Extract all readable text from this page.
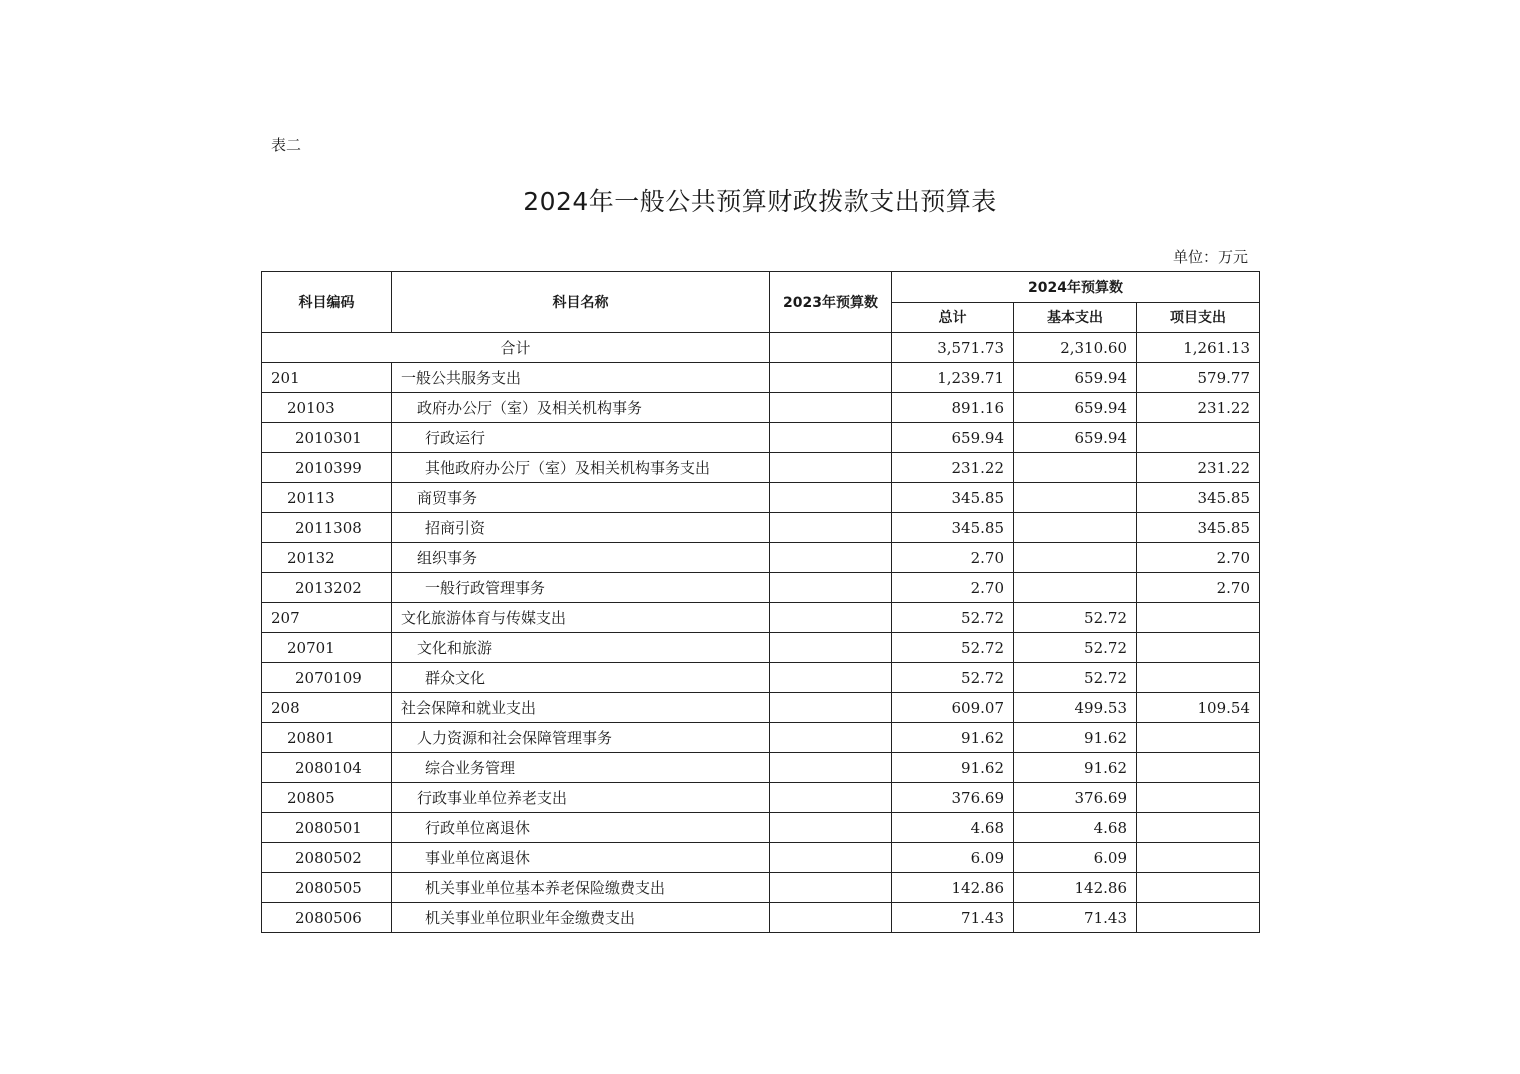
表二
2024年一般公共预算财政拨款支出预算表
单位：万元
科目编码	科目名称	2023年预算数	2024年预算数		
			总计	基本支出	项目支出
合计			3,571.73	2,310.60	1,261.13
201	一般公共服务支出		1,239.71	659.94	579.77
20103	政府办公厅（室）及相关机构事务		891.16	659.94	231.22
2010301	行政运行		659.94	659.94	
2010399	其他政府办公厅（室）及相关机构事务支出		231.22		231.22
20113	商贸事务		345.85		345.85
2011308	招商引资		345.85		345.85
20132	组织事务		2.70		2.70
2013202	一般行政管理事务		2.70		2.70
207	文化旅游体育与传媒支出		52.72	52.72	
20701	文化和旅游		52.72	52.72	
2070109	群众文化		52.72	52.72	
208	社会保障和就业支出		609.07	499.53	109.54
20801	人力资源和社会保障管理事务		91.62	91.62	
2080104	综合业务管理		91.62	91.62	
20805	行政事业单位养老支出		376.69	376.69	
2080501	行政单位离退休		4.68	4.68	
2080502	事业单位离退休		6.09	6.09	
2080505	机关事业单位基本养老保险缴费支出		142.86	142.86	
2080506	机关事业单位职业年金缴费支出		71.43	71.43	
